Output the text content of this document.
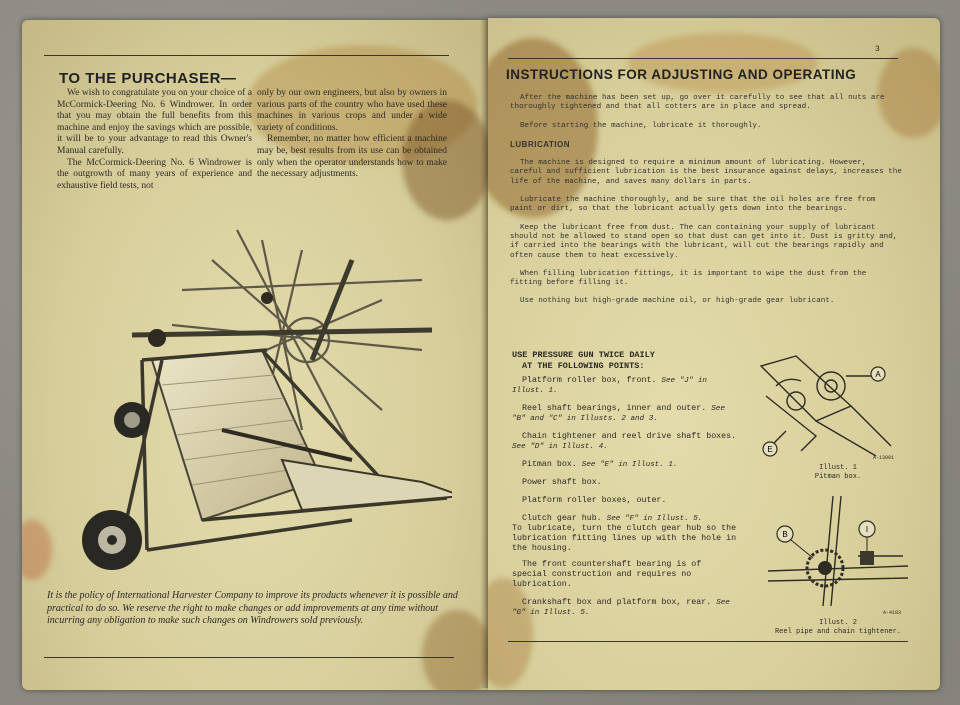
TO THE PURCHASER—

We wish to congratulate you on your choice of a McCormick-Deering No. 6 Windrower. In order that you may obtain the full benefits from this machine and enjoy the savings which are possible, it will be to your advantage to read this Owner's Manual carefully.

The McCormick-Deering No. 6 Windrower is the outgrowth of many years of experience and exhaustive field tests, not

only by our own engineers, but also by owners in various parts of the country who have used these machines in various crops and under a wide variety of conditions.

Remember, no matter how efficient a machine may be, best results from its use can be obtained only when the operator understands how to make the necessary adjustments.

It is the policy of International Harvester Company to improve its products whenever it is possible and practical to do so. We reserve the right to make changes or add improvements at any time without incurring any obligation to make such changes on Windrowers sold previously.
3
INSTRUCTIONS FOR ADJUSTING AND OPERATING

After the machine has been set up, go over it carefully to see that all nuts are thoroughly tightened and that all cotters are in place and spread.

Before starting the machine, lubricate it thoroughly.

LUBRICATION

The machine is designed to require a minimum amount of lubricating. However, careful and sufficient lubrication is the best insurance against delays, increases the life of the machine, and saves many dollars in parts.

Lubricate the machine thoroughly, and be sure that the oil holes are free from paint or dirt, so that the lubricant actually gets down into the bearings.

Keep the lubricant free from dust. The can containing your supply of lubricant should not be allowed to stand open so that dust can get into it. Dust is gritty and, if carried into the bearings with the lubricant, will cut the bearings rapidly and often cause them to heat excessively.

When filling lubrication fittings, it is important to wipe the dust from the fitting before filling it.

Use nothing but high-grade machine oil, or high-grade gear lubricant.

USE PRESSURE GUN TWICE DAILY
AT THE FOLLOWING POINTS:
Platform roller box, front. See "J" in Illust. 1.
Reel shaft bearings, inner and outer. See "B" and "C" in Illusts. 2 and 3.
Chain tightener and reel drive shaft boxes. See "D" in Illust. 4.
Pitman box. See "E" in Illust. 1.
Power shaft box.
Platform roller boxes, outer.
Clutch gear hub. See "F" in Illust. 5.
To lubricate, turn the clutch gear hub so the lubrication fitting lines up with the hole in the housing.
The front countershaft bearing is of special construction and requires no lubrication.
Crankshaft box and platform box, rear. See "G" in Illust. 5.
A
E
A-13001
Illust. 1
Pitman box.
B
I
A-4183
Illust. 2
Reel pipe and chain tightener.
